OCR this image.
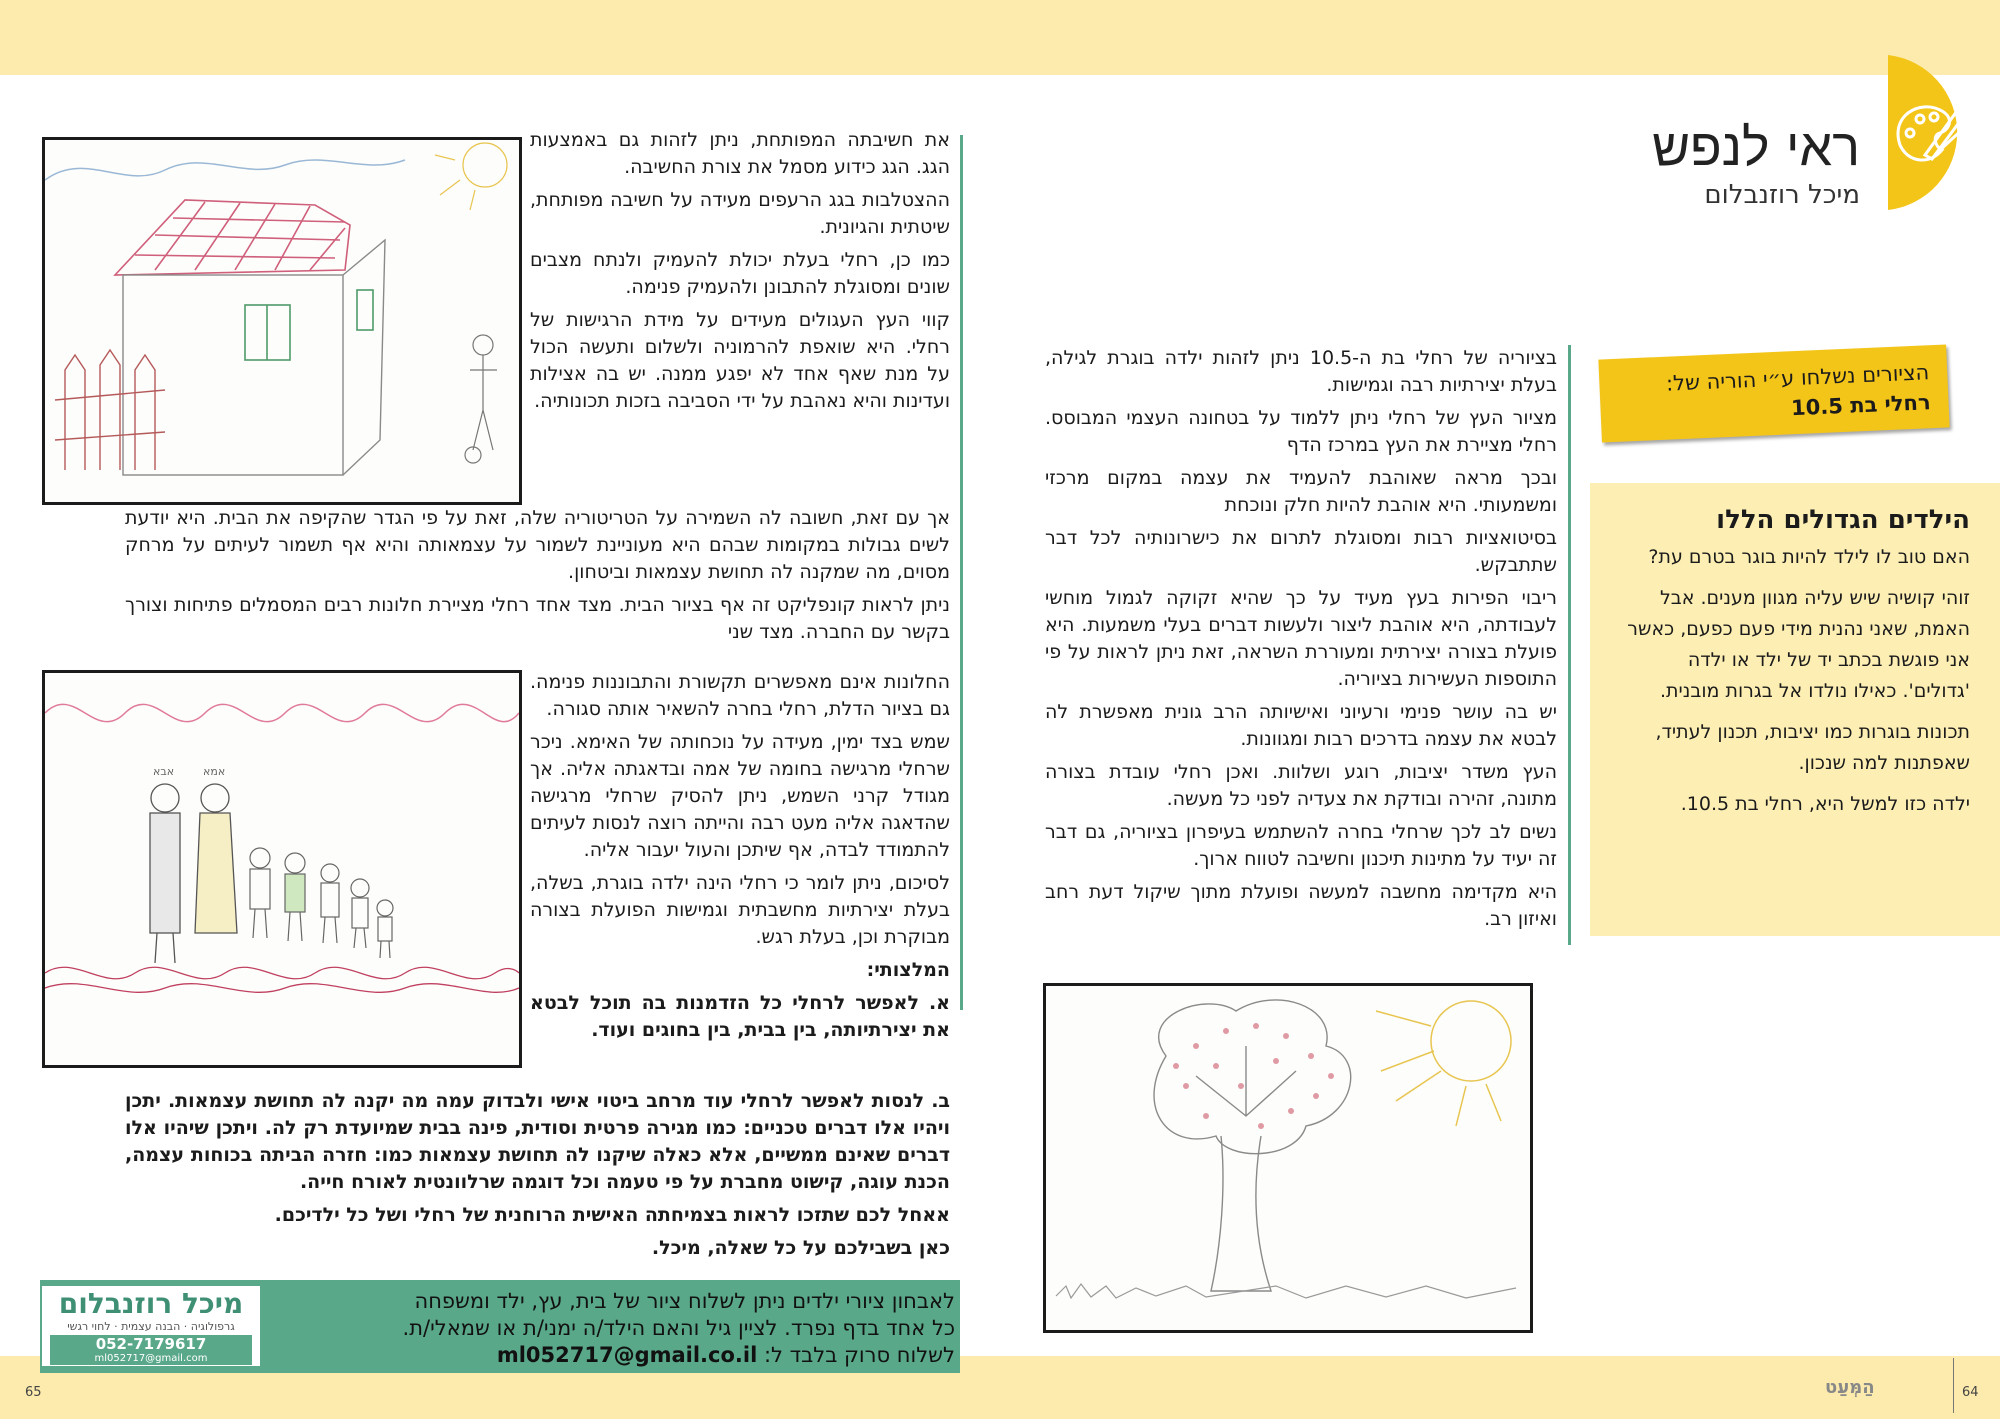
ראי לנפש
מיכל רוזנבלום
הציורים נשלחו ע״י הוריה של:
רחלי בת 10.5
הילדים הגדולים הללו

האם טוב לו לילד להיות בוגר בטרם עת?

זוהי קושיה שיש עליה מגוון מענים. אבל האמת, שאני נהנית מידי פעם כפעם, כאשר אני פוגשת בכתב יד של ילד או ילדה 'גדולים'. כאילו נולדו אל בגרות מובנית.

תכונות בוגרות כמו יציבות, תכנון לעתיד, שאפתנות למה שנכון.

ילדה כזו למשל היא, רחלי בת 10.5.

בציוריה של רחלי בת ה-10.5 ניתן לזהות ילדה בוגרת לגילה, בעלת יצירתיות רבה וגמישות.

מציור העץ של רחלי ניתן ללמוד על בטחונה העצמי המבוסס. רחלי מציירת את העץ במרכז הדף

ובכך מראה שאוהבת להעמיד את עצמה במקום מרכזי ומשמעותי. היא אוהבת להיות חלק ונוכחת

בסיטואציות רבות ומסוגלת לתרום את כישרונותיה לכל דבר שתתבקש.

ריבוי הפירות בעץ מעיד על כך שהיא זקוקה לגמול מוחשי לעבודתה, היא אוהבת ליצור ולעשות דברים בעלי משמעות. היא פועלת בצורה יצירתית ומעוררת השראה, זאת ניתן לראות על פי התוספות העשירות בציוריה.

יש בה עושר פנימי ורעיוני ואישיותה הרב גונית מאפשרת לה לבטא את עצמה בדרכים רבות ומגוונות.

העץ משדר יציבות, רוגע ושלוות. ואכן רחלי עובדת בצורה מתונה, זהירה ובודקת את צעדיה לפני כל מעשה.

נשים לב לכך שרחלי בחרה להשתמש בעיפרון בציוריה, גם דבר זה יעיד על מתינות תיכנון וחשיבה לטווח ארוך.

היא מקדימה מחשבה למעשה ופועלת מתוך שיקול דעת רחב ואיזון רב.

את חשיבתה המפותחת, ניתן לזהות גם באמצעות הגג. הגג כידוע מסמל את צורת החשיבה.

ההצטלבות בגג הרעפים מעידה על חשיבה מפותחת, שיטתית והגיונית.

כמו כן, רחלי בעלת יכולת להעמיק ולנתח מצבים שונים ומסוגלת להתבונן ולהעמיק פנימה.

קווי העץ העגולים מעידים על מידת הרגישות של רחלי. היא שואפת להרמוניה ולשלום ותעשה הכול על מנת שאף אחד לא יפגע ממנה. יש בה אצילות ועדינות והיא נאהבת על ידי הסביבה בזכות תכונותיה.

אך עם זאת, חשובה לה השמירה על הטריטוריה שלה, זאת על פי הגדר שהקיפה את הבית. היא יודעת לשים גבולות במקומות שבהם היא מעוניינת לשמור על עצמאותה והיא אף תשמור לעיתים על מרחק מסוים, מה שמקנה לה תחושת עצמאות וביטחון.

ניתן לראות קונפליקט זה אף בציור הבית. מצד אחד רחלי מציירת חלונות רבים המסמלים פתיחות וצורך בקשר עם החברה. מצד שני

אבא	אמא

החלונות אינם מאפשרים תקשורת והתבוננות פנימה. גם בציור הדלת, רחלי בחרה להשאיר אותה סגורה.

שמש בצד ימין, מעידה על נוכחותה של האימא. ניכר שרחלי מרגישה בחומה של אמה ובדאגתה אליה. אך מגודל קרני השמש, ניתן להסיק שרחלי מרגישה שהדאגה אליה מעט רבה והייתה רוצה לנסות לעיתים להתמודד לבדה, אף שיתכן והעול יעבור אליה.

לסיכום, ניתן לומר כי רחלי הינה ילדה בוגרת, בשלה, בעלת יצירתיות מחשבתית וגמישות הפועלת בצורה מבוקרת וכן, בעלת רגש.

המלצותי:

א. לאפשר לרחלי כל הזדמנות בה תוכל לבטא את יצירתיותה, בין בבית, בין בחוגים ועוד.

ב. לנסות לאפשר לרחלי עוד מרחב ביטוי אישי ולבדוק עמה מה יקנה לה תחושת עצמאות. יתכן ויהיו אלו דברים טכניים: כמו מגירה פרטית וסודית, פינה בבית שמיועדת רק לה. ויתכן שיהיו אלו דברים שאינם ממשיים, אלא כאלה שיקנו לה תחושת עצמאות כמו: חזרה הביתה בכוחות עצמה, הכנת עוגה, קישוט מחברת על פי טעמה וכל דוגמה שרלוונטית לאורח חייה.

אאחל לכם שתזכו לראות בצמיחתה האישית הרוחנית של רחלי ושל כל ילדיכם.

כאן בשבילכם על כל שאלה, מיכל.

מיכל רוזנבלום
גרפולוגיה · הבנה עצמית · לחוי רגשי
052-7179617
ml052717@gmail.com
לאבחון ציורי ילדים ניתן לשלוח ציור של בית, עץ, ילד ומשפחה
כל אחד בדף נפרד. לציין גיל והאם הילד/ה ימני/ת או שמאלי/ת.
לשלוח סרוק בלבד ל: ml052717@gmail.co.il
65	64
הַמְּעַט
